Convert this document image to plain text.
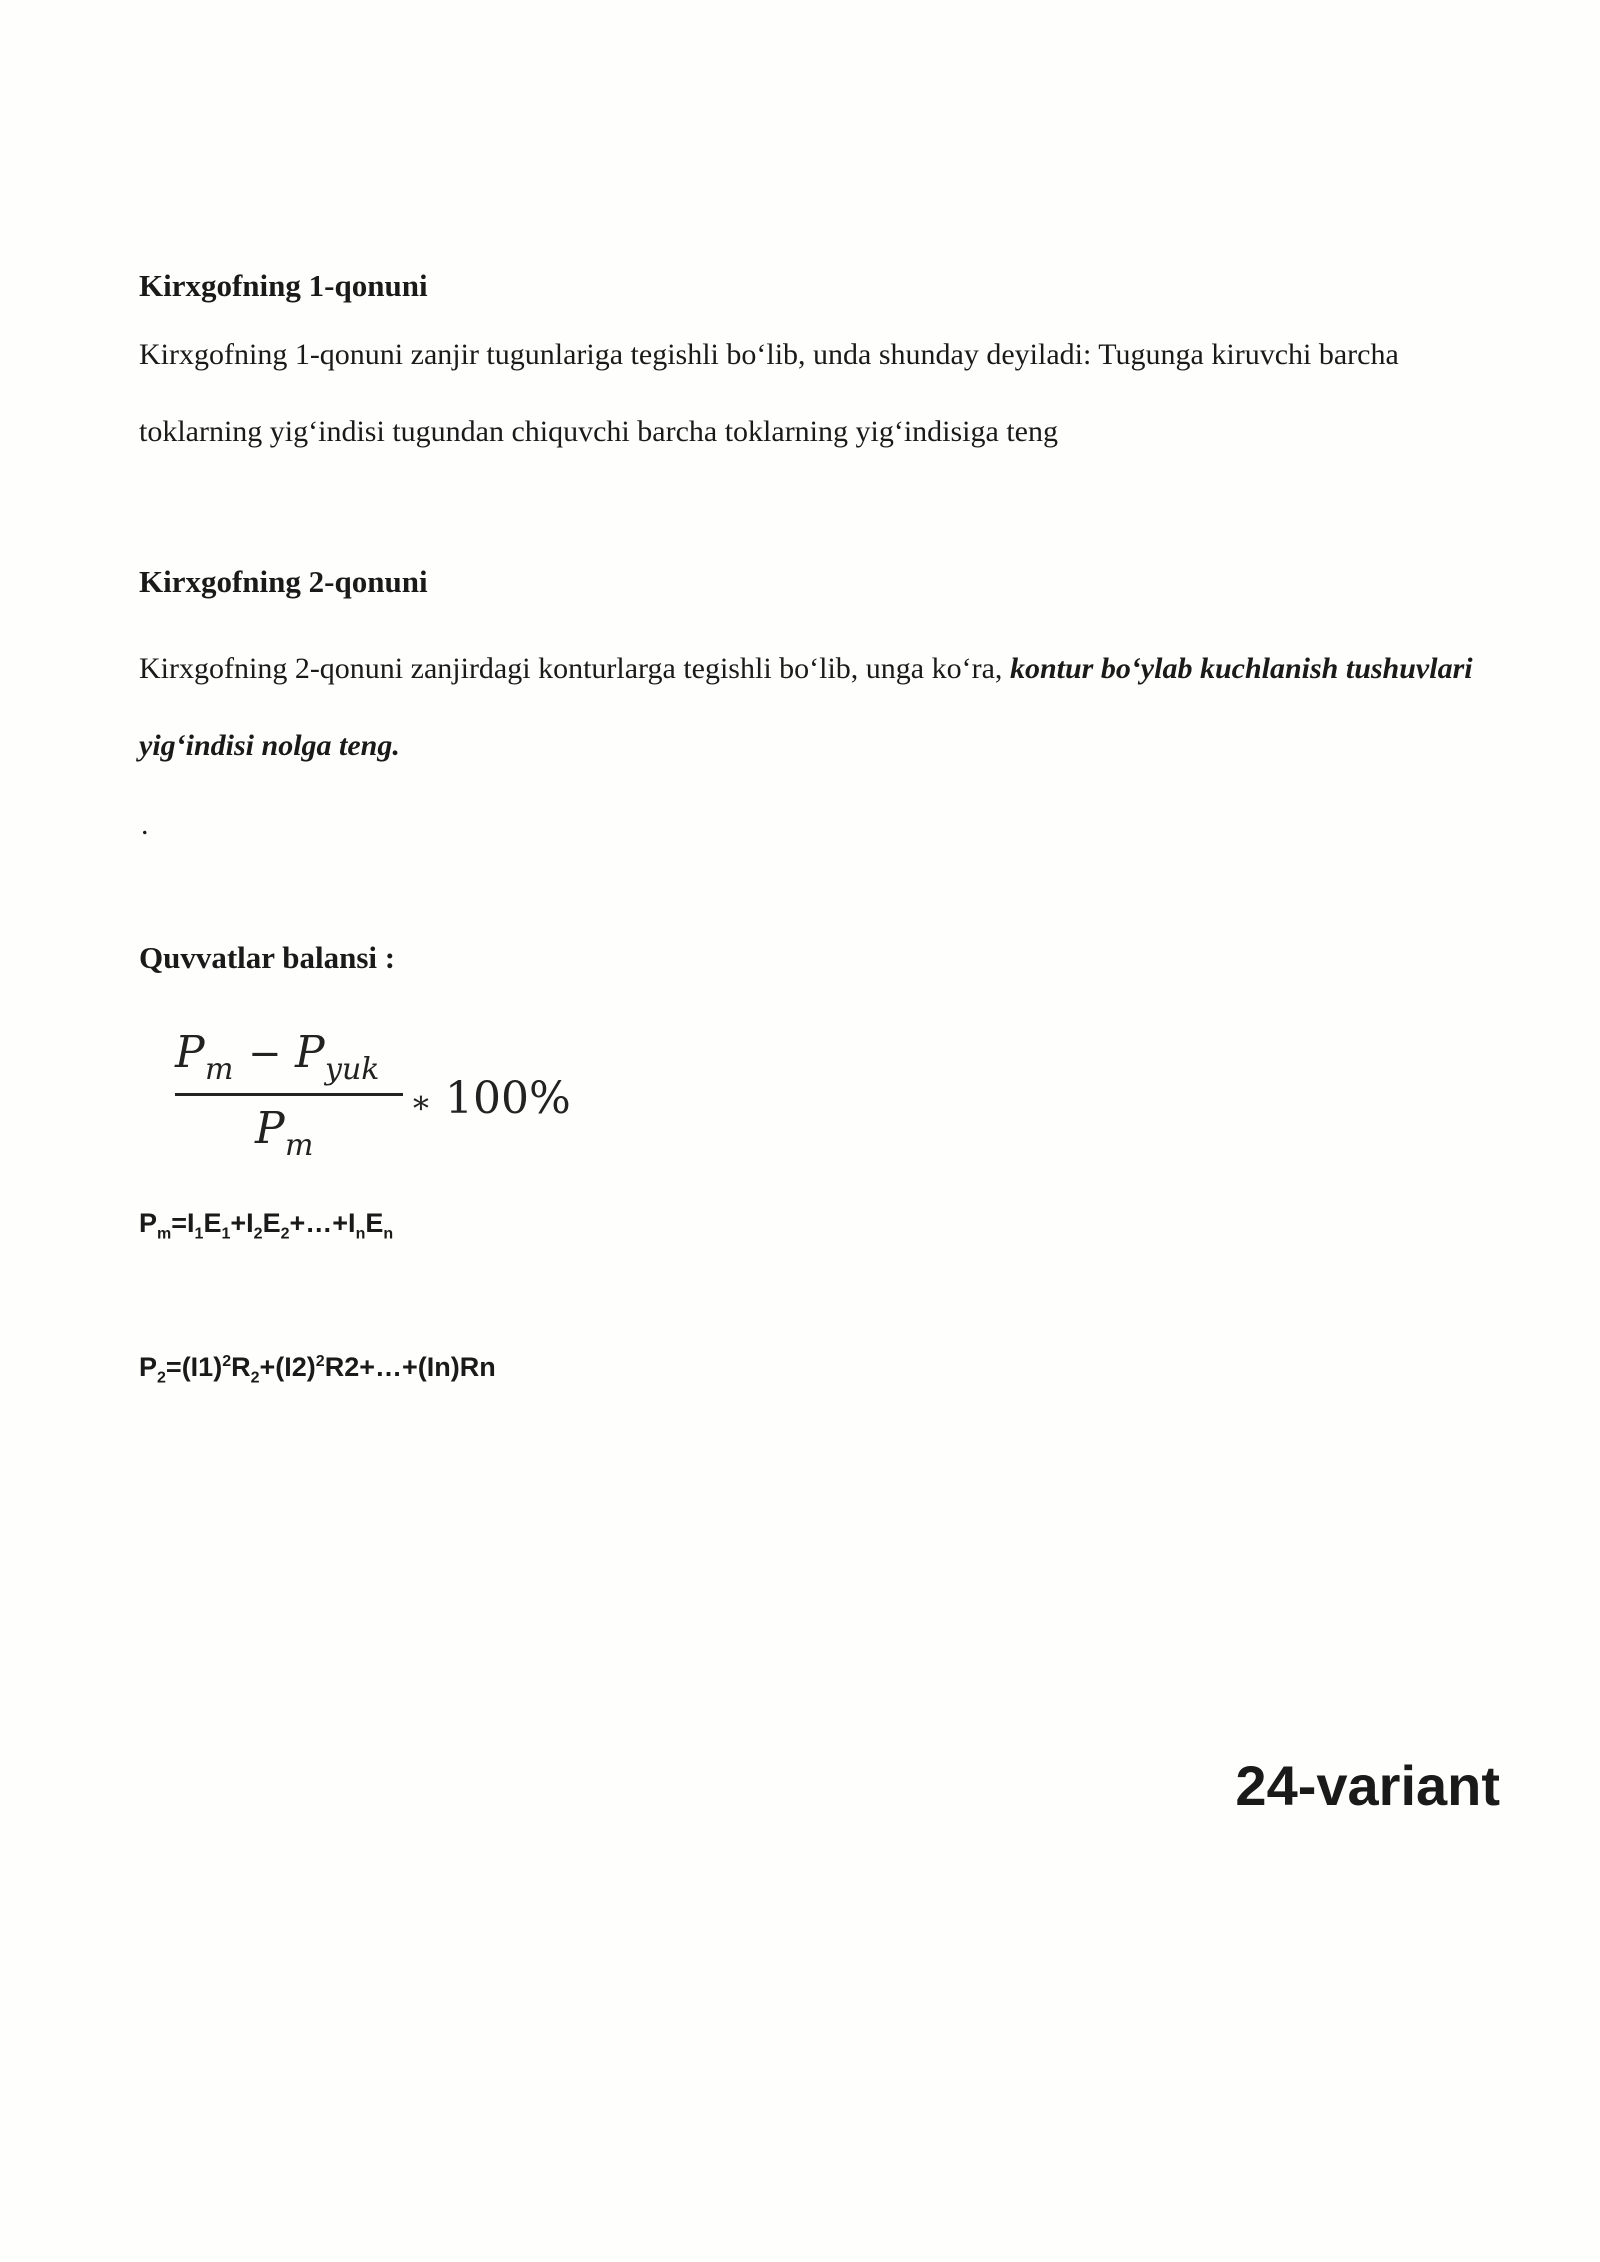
Kirxgofning 1-qonuni
Kirxgofning 1-qonuni zanjir tugunlariga tegishli bo‘lib, unda shunday deyiladi: Tugunga kiruvchi barcha toklarning yig‘indisi tugundan chiquvchi barcha toklarning yig‘indisiga teng
Kirxgofning 2-qonuni
Kirxgofning 2-qonuni zanjirdagi konturlarga tegishli bo‘lib, unga ko‘ra, kontur bo‘ylab kuchlanish tushuvlari yig‘indisi nolga teng.
.
Quvvatlar balansi :
P m − P yuk
P m
∗ 100%
$P_m=I_1E_1+I_2E_2+\dots+I_nE_n$
$P_2=(I1)^2R_2+(I2)^2R2+\dots+(In)Rn$
24-variant
